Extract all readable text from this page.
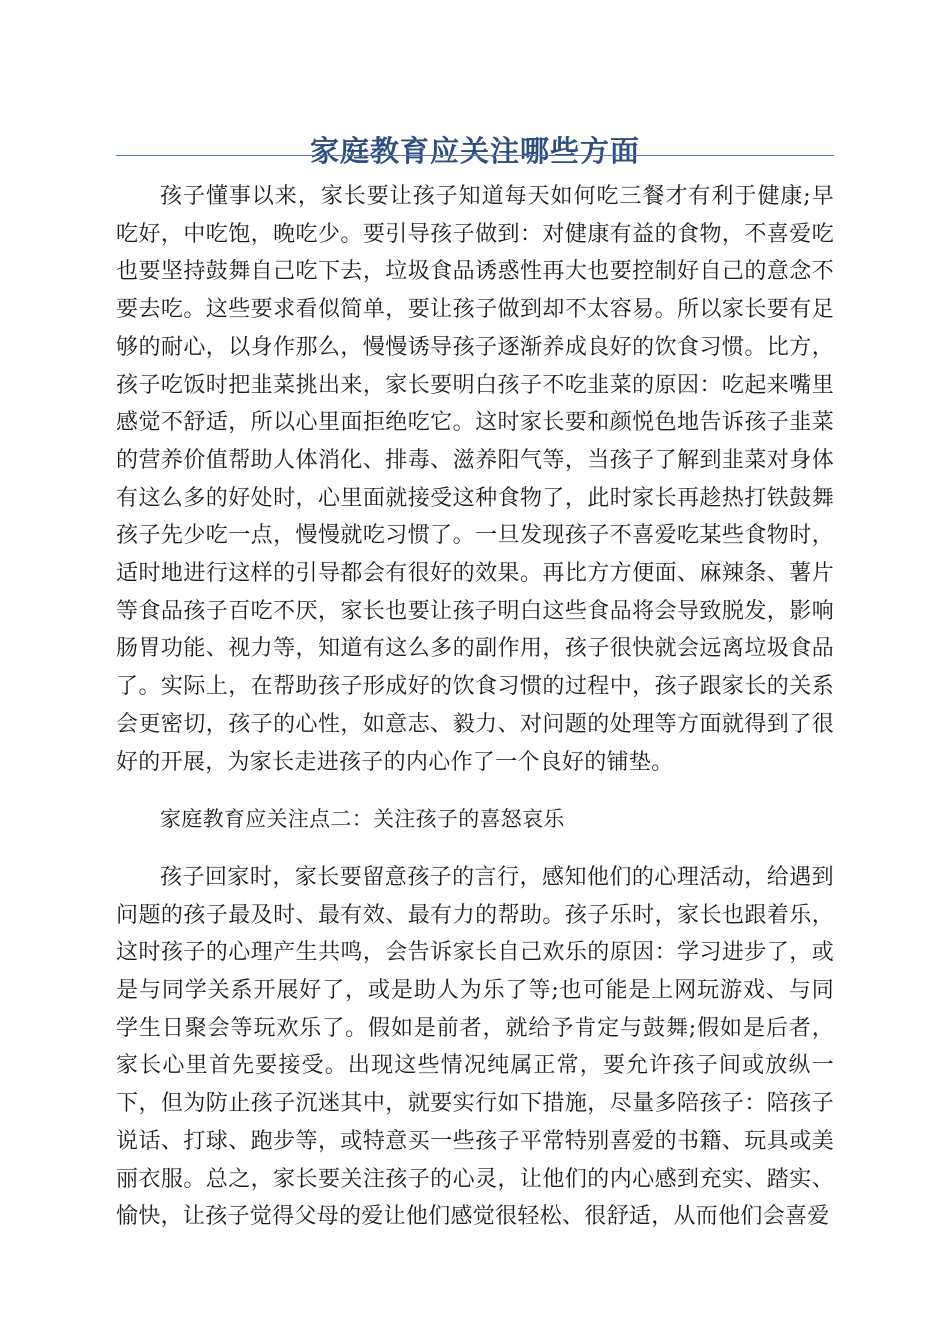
家庭教育应关注哪些方面

孩子懂事以来，家长要让孩子知道每天如何吃三餐才有利于健康;早吃好，中吃饱，晚吃少。要引导孩子做到：对健康有益的食物，不喜爱吃也要坚持鼓舞自己吃下去，垃圾食品诱惑性再大也要控制好自己的意念不要去吃。这些要求看似简单，要让孩子做到却不太容易。所以家长要有足够的耐心，以身作那么，慢慢诱导孩子逐渐养成良好的饮食习惯。比方，孩子吃饭时把韭菜挑出来，家长要明白孩子不吃韭菜的原因：吃起来嘴里感觉不舒适，所以心里面拒绝吃它。这时家长要和颜悦色地告诉孩子韭菜的营养价值帮助人体消化、排毒、滋养阳气等，当孩子了解到韭菜对身体有这么多的好处时，心里面就接受这种食物了，此时家长再趁热打铁鼓舞孩子先少吃一点，慢慢就吃习惯了。一旦发现孩子不喜爱吃某些食物时，适时地进行这样的引导都会有很好的效果。再比方方便面、麻辣条、薯片等食品孩子百吃不厌，家长也要让孩子明白这些食品将会导致脱发，影响肠胃功能、视力等，知道有这么多的副作用，孩子很快就会远离垃圾食品了。实际上，在帮助孩子形成好的饮食习惯的过程中，孩子跟家长的关系会更密切，孩子的心性，如意志、毅力、对问题的处理等方面就得到了很好的开展，为家长走进孩子的内心作了一个良好的铺垫。

家庭教育应关注点二：关注孩子的喜怒哀乐

孩子回家时，家长要留意孩子的言行，感知他们的心理活动，给遇到问题的孩子最及时、最有效、最有力的帮助。孩子乐时，家长也跟着乐，这时孩子的心理产生共鸣，会告诉家长自己欢乐的原因：学习进步了，或是与同学关系开展好了，或是助人为乐了等;也可能是上网玩游戏、与同学生日聚会等玩欢乐了。假如是前者，就给予肯定与鼓舞;假如是后者，家长心里首先要接受。出现这些情况纯属正常，要允许孩子间或放纵一下，但为防止孩子沉迷其中，就要实行如下措施，尽量多陪孩子：陪孩子说话、打球、跑步等，或特意买一些孩子平常特别喜爱的书籍、玩具或美丽衣服。总之，家长要关注孩子的心灵，让他们的内心感到充实、踏实、愉快，让孩子觉得父母的爱让他们感觉很轻松、很舒适，从而他们会喜爱
